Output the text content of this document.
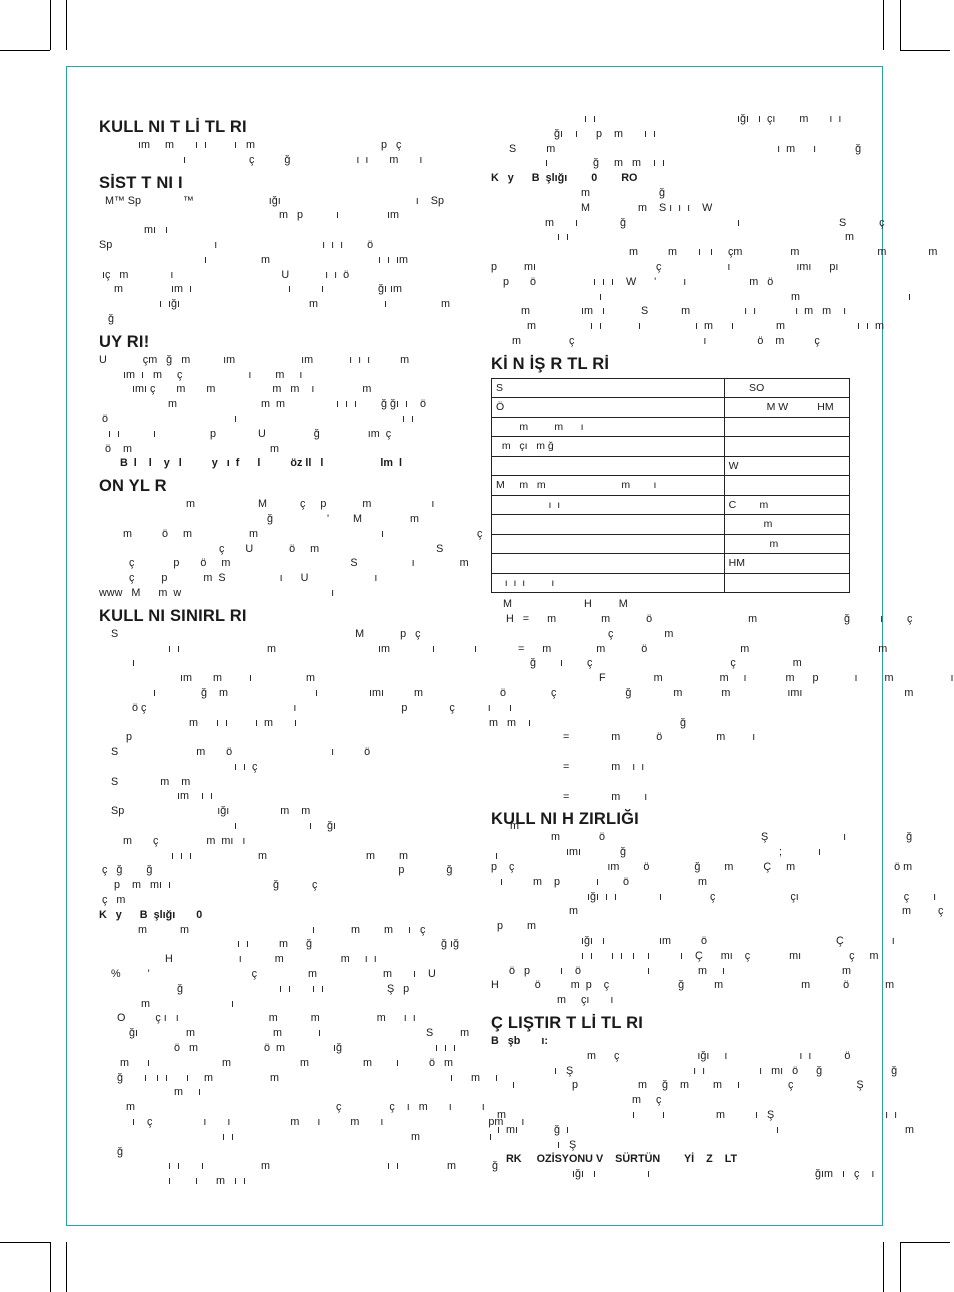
KULL NI T Lİ TL RI
ım     m       ı  ı         ı   m                                          p   ç
ı                     ç          ğ                      ı  ı       m       ı
SİST T NI I
M™ Sp              ™                         ığı                                             ı    Sp
m   p           ı                ım
mı   ı
Sp                                  ı                                   ı  ı  ı        ö
ı                  m                                    ı  ı  ım
ıç   m              ı                                    U            ı  ı  ö
m                ım  ı                                ı          ı                  ğı ım
ı  ığı                                           m                      ı                  m
ğ
UY RI!
U            çm   ğ   m           ım                      ım            ı  ı  ı          m
ım  ı   m     ç                      ı        m     ı
ımı ç       m       m                   m   m    ı                m
m                            m  m                 ı  ı  ı        ğ ğı  ı    ö
ö                                          ı                                                       ı  ı
ı  ı           ı                  p              U                ğ                ım  ç
ö    m                                              m
B  l    l    y   l          y   ı  f      l          öz ll   l                   lm  l
ON YL R
m                     M           ç     p            m                    ı
ğ                  '        M                m
m          ö     m                   m                                         ı                               ç
ç       U            ö     m                                       S
ç             p       ö     m                                        S                  ı               m
ç         p            m  S                  ı      U                      ı
www   M      m  w                                                  ı
KULL NI SINIRL RI
S                                                                               M            p   ç
ı  ı                             m                                  ım              ı             ı
ı
ım       m         ı                  m
ı               ğ    m                             ı                 ımı          m
ö ç                                                 ı                                   p              ç           ı
m      ı  ı         ı  m       ı                                                                m   m    ı
p
S                          m       ö                                 ı          ö
ı  ı  ç
S              m    m
ım    ı  ı
Sp                               ığı                 m    m
ı                        ı     ğı                                                          m
m       ç                m  mı   ı
ı  ı  ı                      m                                 m        m                             ı
ç   ğ        ğ                                                                                  p              ğ
p    m   mı  ı                                  ğ           ç
ç   m
K   y      B  şlığı       0
m           m                                         ı            m        m     ı   ç
ı  ı          m      ğ                                           ğ ığ
H                      ı           m                   m     ı  ı
%         '                                  ç                 m                      m       ı    U
ğ                                ı  ı       ı  ı                     Ş   p
m                           ı
O          ç ı   ı                              m           m                   m      ı  ı
ğı                m                          m            ı                                   S         m
ö   m                      ö  m                ığ                               ı  ı  ı
m      ı                        m                       m                  m        ı          ö   m
ğ       ı   ı  ı      ı     m                   m                                                         ı      m     ı
m     ı
m                                                                   ç                ç    ı   m       ı          ı
ı    ç                 ı       ı                    m      ı          m       ı                                   pm      ı
ı  ı                                                           m                       ı
ğ
ı  ı       ı                   m                                       ı  ı                m            ğ
ı        ı      m   ı  ı
ı  ı                                               ığı   ı  çı        m       ı  ı
ğı    ı      p    m       ı  ı
S          m                                                                          ı  m      ı             ğ
ı               ğ     m   m    ı  ı
K   y      B  şlığı        0        RO
m                       ğ
M                m    S ı  ı  ı    W
m       ı              ğ                                     ı                                 S           ç
ı  ı                                                                                            m
m          m       ı   ı     çm                m                          m              m
p         mı                                        ç                      ı                      ımı      pı
p       ö                   ı  ı  ı    W      '         ı                     m   ö
ı                                                               m                                    ı
m                 ım   ı            S           m                  ı  ı             ı  m   m    ı
m                  ı  ı            ı                  ı  m      ı              m                        ı  ı  m
m                ç                                           ı                 ö    m          ç
Kİ N İŞ R TL Rİ
S	SO
Ö	M W          HM
m         m      ı	
m   çı   m ğ	
	W
M     m   m                          m        ı	
ı  ı	C        m
	m
	m
	HM
ı  ı  ı         ı	
M                        H         M
H   =      m               m            ö                                m                             ğ          ı        ç
ç                 m
=      m               m            ö                               m                                           m
ğ        ı        ç                                              ç                   m
F                m                   m     ı             m      p            ı         m                   ı
ö               ç                       ğ              m             m                   ımı                                  m
ı
ğ
=              m            ö                  m         ı
=              m    ı  ı
=              m        ı
KULL NI H ZIRLIĞI
m             ö                                                    Ş                         ı                    ğ
ımı             ğ                                                   ;            ı
p    ç                               ım        ö               ğ        m          Ç     m                                 ö m
ı          m    p            ı        ö                       m
ığı  ı  ı              ı                ç                         çı                                   ç        ı
m                                                                                                            m         ç
p        m
ığı   ı                  ım          ö                                           Ç                ı
ı  ı      ı  ı   ı    ı          ı    Ç      mı    ç             mı                ç     m
ö   p          ı    ö                      ı                m     ı                                       m
H            ö          m  p    ç                       ğ          m                          m           ö            m
m     çı       ı
Ç LIŞTIR T Lİ TL RI
B   şb       ı:
m      ç                          ığı     ı                        ı  ı           ö
ı   Ş                                        ı  ı                  ı   mı   ö      ğ                       ğ
ı                   p                    m     ğ    m        m     ı                ç                     Ş
m     ç
m                                          ı         ı                 m          ı   Ş                                     ı  ı
ı  mı            ğ  ı                                                                     ı                                          m
ı   Ş
RK     OZİSYONU V    SÜRTÜN        Yİ    Z    LT
ığı   ı                 ı                                                       ğım   ı   ç    ı
